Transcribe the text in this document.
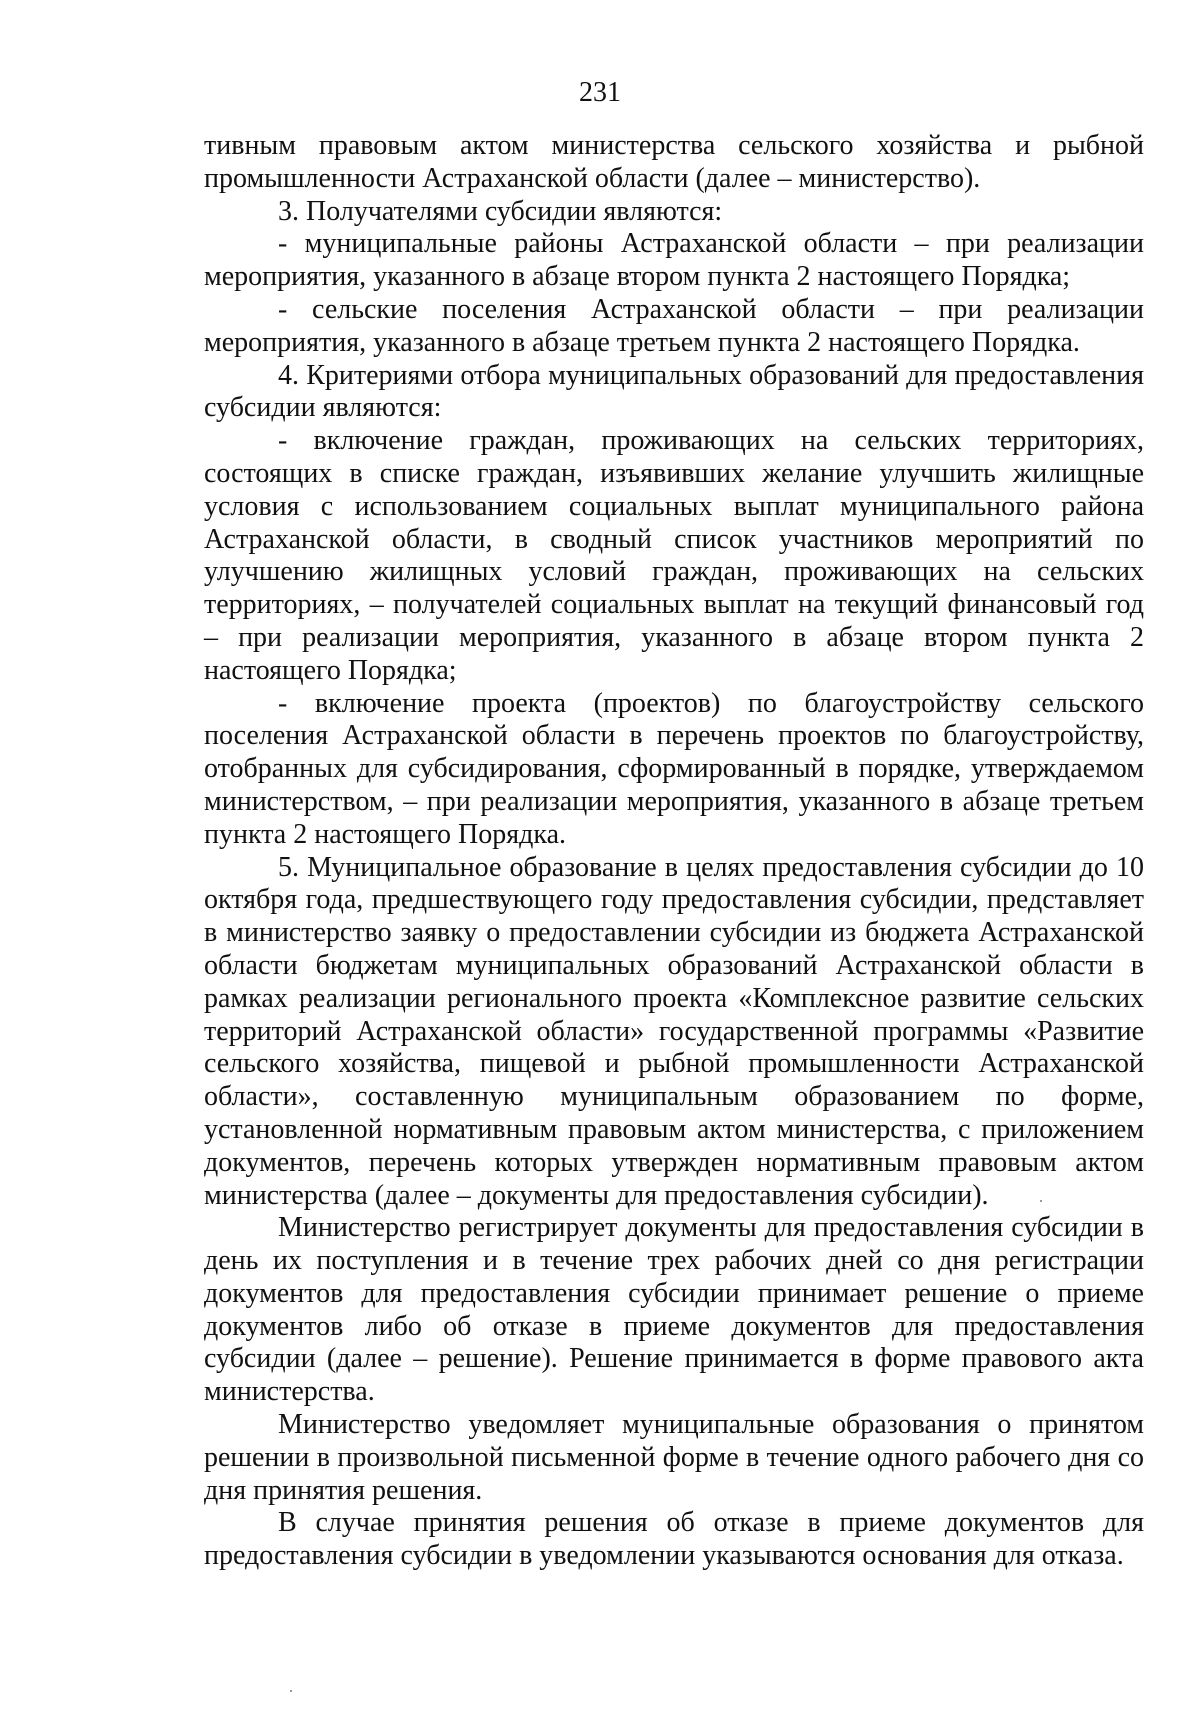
231

тивным правовым актом министерства сельского хозяйства и рыбной промышленности Астраханской области (далее – министерство).

3. Получателями субсидии являются:

- муниципальные районы Астраханской области – при реализации мероприятия, указанного в абзаце втором пункта 2 настоящего Порядка;

- сельские поселения Астраханской области – при реализации мероприятия, указанного в абзаце третьем пункта 2 настоящего Порядка.

4. Критериями отбора муниципальных образований для предоставления субсидии являются:

- включение граждан, проживающих на сельских территориях, состоящих в списке граждан, изъявивших желание улучшить жилищные условия с использованием социальных выплат муниципального района Астраханской области, в сводный список участников мероприятий по улучшению жилищных условий граждан, проживающих на сельских территориях, – получателей социальных выплат на текущий финансовый год – при реализации мероприятия, указанного в абзаце втором пункта 2 настоящего Порядка;

- включение проекта (проектов) по благоустройству сельского поселения Астраханской области в перечень проектов по благоустройству, отобранных для субсидирования, сформированный в порядке, утверждаемом министерством, – при реализации мероприятия, указанного в абзаце третьем пункта 2 настоящего Порядка.

5. Муниципальное образование в целях предоставления субсидии до 10 октября года, предшествующего году предоставления субсидии, представляет в министерство заявку о предоставлении субсидии из бюджета Астраханской области бюджетам муниципальных образований Астраханской области в рамках реализации регионального проекта «Комплексное развитие сельских территорий Астраханской области» государственной программы «Развитие сельского хозяйства, пищевой и рыбной промышленности Астраханской области», составленную муниципальным образованием по форме, установленной нормативным правовым актом министерства, с приложением документов, перечень которых утвержден нормативным правовым актом министерства (далее – документы для предоставления субсидии).

Министерство регистрирует документы для предоставления субсидии в день их поступления и в течение трех рабочих дней со дня регистрации документов для предоставления субсидии принимает решение о приеме документов либо об отказе в приеме документов для предоставления субсидии (далее – решение). Решение принимается в форме правового акта министерства.

Министерство уведомляет муниципальные образования о принятом решении в произвольной письменной форме в течение одного рабочего дня со дня принятия решения.

В случае принятия решения об отказе в приеме документов для предоставления субсидии в уведомлении указываются основания для отказа.
